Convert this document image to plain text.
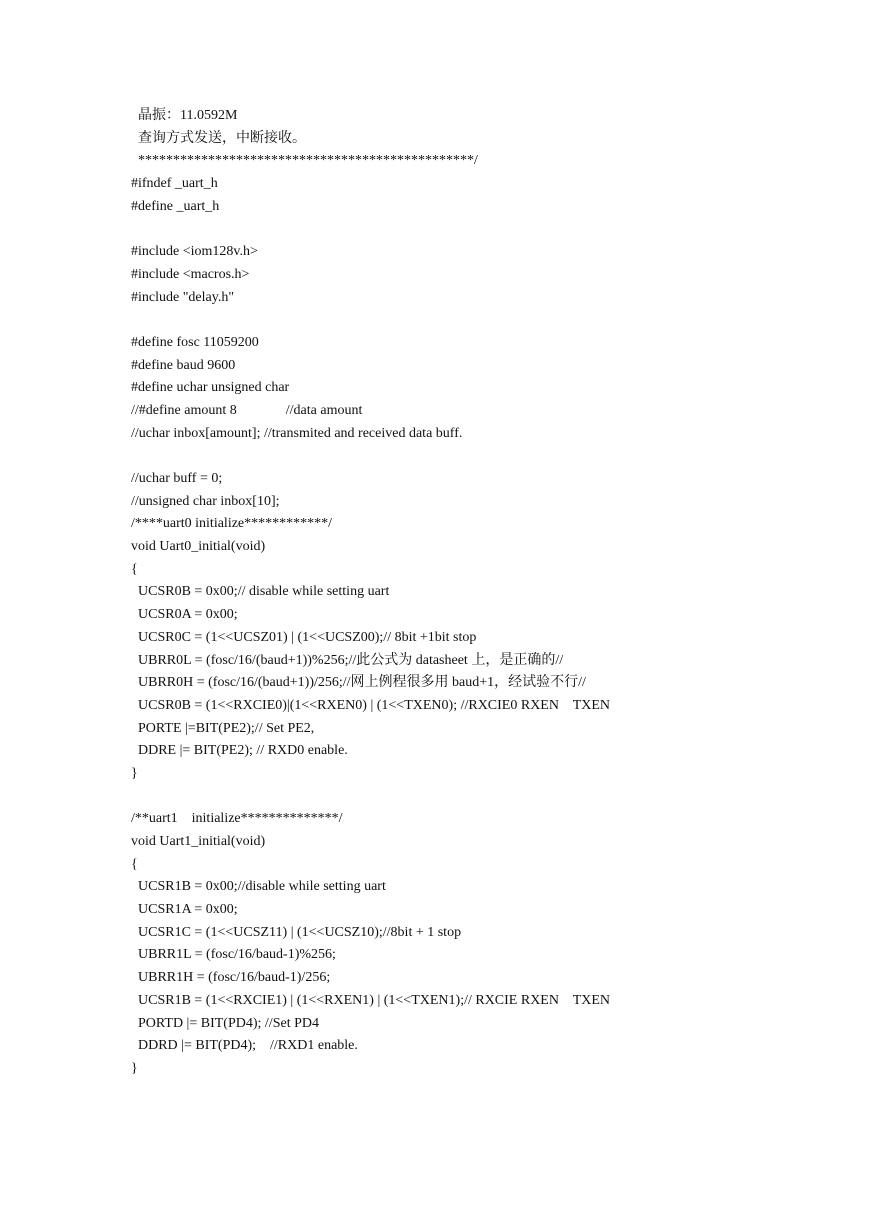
晶振：11.0592M
查询方式发送，中断接收。
************************************************/
#ifndef _uart_h
#define _uart_h
#include <iom128v.h>
#include <macros.h>
#include "delay.h"
#define fosc 11059200
#define baud 9600
#define uchar unsigned char
//#define amount 8              //data amount
//uchar inbox[amount]; //transmited and received data buff.
//uchar buff = 0;
//unsigned char inbox[10];
/****uart0 initialize************/
void Uart0_initial(void)
{
UCSR0B = 0x00;// disable while setting uart
UCSR0A = 0x00;
UCSR0C = (1<<UCSZ01) | (1<<UCSZ00);// 8bit +1bit stop
UBRR0L = (fosc/16/(baud+1))%256;//此公式为 datasheet 上，是正确的//
UBRR0H = (fosc/16/(baud+1))/256;//网上例程很多用 baud+1，经试验不行//
UCSR0B = (1<<RXCIE0)|(1<<RXEN0) | (1<<TXEN0); //RXCIE0 RXEN    TXEN
PORTE |=BIT(PE2);// Set PE2,
DDRE |= BIT(PE2); // RXD0 enable.
}
/**uart1    initialize**************/
void Uart1_initial(void)
{
UCSR1B = 0x00;//disable while setting uart
UCSR1A = 0x00;
UCSR1C = (1<<UCSZ11) | (1<<UCSZ10);//8bit + 1 stop
UBRR1L = (fosc/16/baud-1)%256;
UBRR1H = (fosc/16/baud-1)/256;
UCSR1B = (1<<RXCIE1) | (1<<RXEN1) | (1<<TXEN1);// RXCIE RXEN    TXEN
PORTD |= BIT(PD4); //Set PD4
DDRD |= BIT(PD4);    //RXD1 enable.
}
